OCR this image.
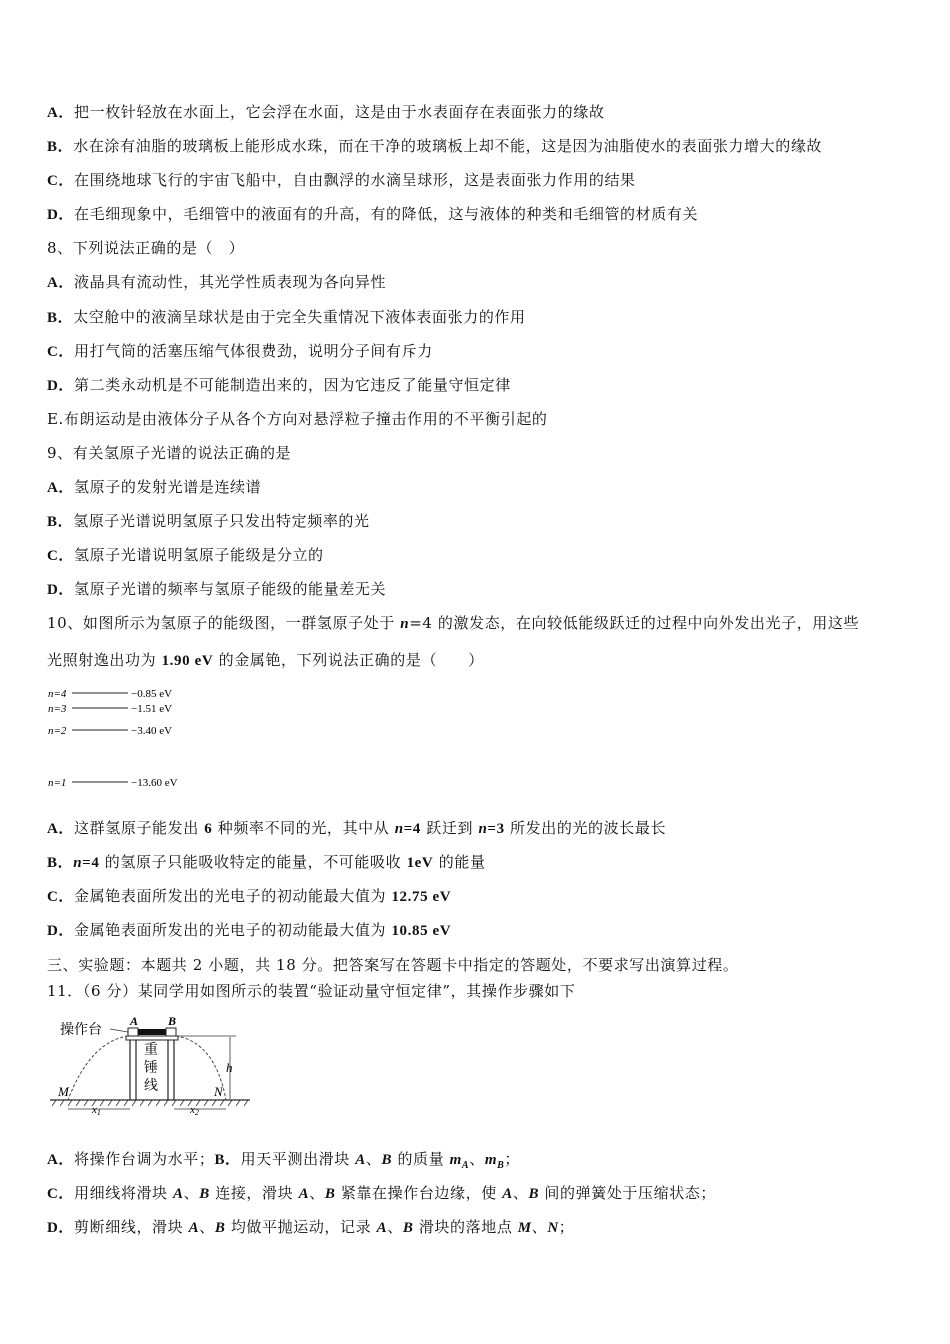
A．把一枚针轻放在水面上，它会浮在水面，这是由于水表面存在表面张力的缘故
B．水在涂有油脂的玻璃板上能形成水珠，而在干净的玻璃板上却不能，这是因为油脂使水的表面张力增大的缘故
C．在围绕地球飞行的宇宙飞船中，自由飘浮的水滴呈球形，这是表面张力作用的结果
D．在毛细现象中，毛细管中的液面有的升高，有的降低，这与液体的种类和毛细管的材质有关
8、下列说法正确的是（　）
A．液晶具有流动性，其光学性质表现为各向异性
B．太空舱中的液滴呈球状是由于完全失重情况下液体表面张力的作用
C．用打气筒的活塞压缩气体很费劲，说明分子间有斥力
D．第二类永动机是不可能制造出来的，因为它违反了能量守恒定律
E.布朗运动是由液体分子从各个方向对悬浮粒子撞击作用的不平衡引起的
9、有关氢原子光谱的说法正确的是
A．氢原子的发射光谱是连续谱
B．氢原子光谱说明氢原子只发出特定频率的光
C．氢原子光谱说明氢原子能级是分立的
D．氢原子光谱的频率与氢原子能级的能量差无关
10、如图所示为氢原子的能级图，一群氢原子处于 n=4 的激发态，在向较低能级跃迁的过程中向外发出光子，用这些
光照射逸出功为 1.90 eV 的金属铯，下列说法正确的是（　　）
n=4	−0.85 eV
n=3	−1.51 eV
n=2	−3.40 eV
n=1	−13.60 eV
A．这群氢原子能发出 6 种频率不同的光，其中从 n=4 跃迁到 n=3 所发出的光的波长最长
B．n=4 的氢原子只能吸收特定的能量，不可能吸收 1eV 的能量
C．金属铯表面所发出的光电子的初动能最大值为 12.75 eV
D．金属铯表面所发出的光电子的初动能最大值为 10.85 eV
三、实验题：本题共 2 小题，共 18 分。把答案写在答题卡中指定的答题处，不要求写出演算过程。
11．（6 分）某同学用如图所示的装置“验证动量守恒定律”，其操作步骤如下
操作台
A B
重
锤
线
h
M	N
x1	x2
A．将操作台调为水平；B．用天平测出滑块 A、B 的质量 $m_A$、$m_B$；
C．用细线将滑块 A、B 连接，滑块 A、B 紧靠在操作台边缘，使 A、B 间的弹簧处于压缩状态；
D．剪断细线，滑块 A、B 均做平抛运动，记录 A、B 滑块的落地点 M、N；
